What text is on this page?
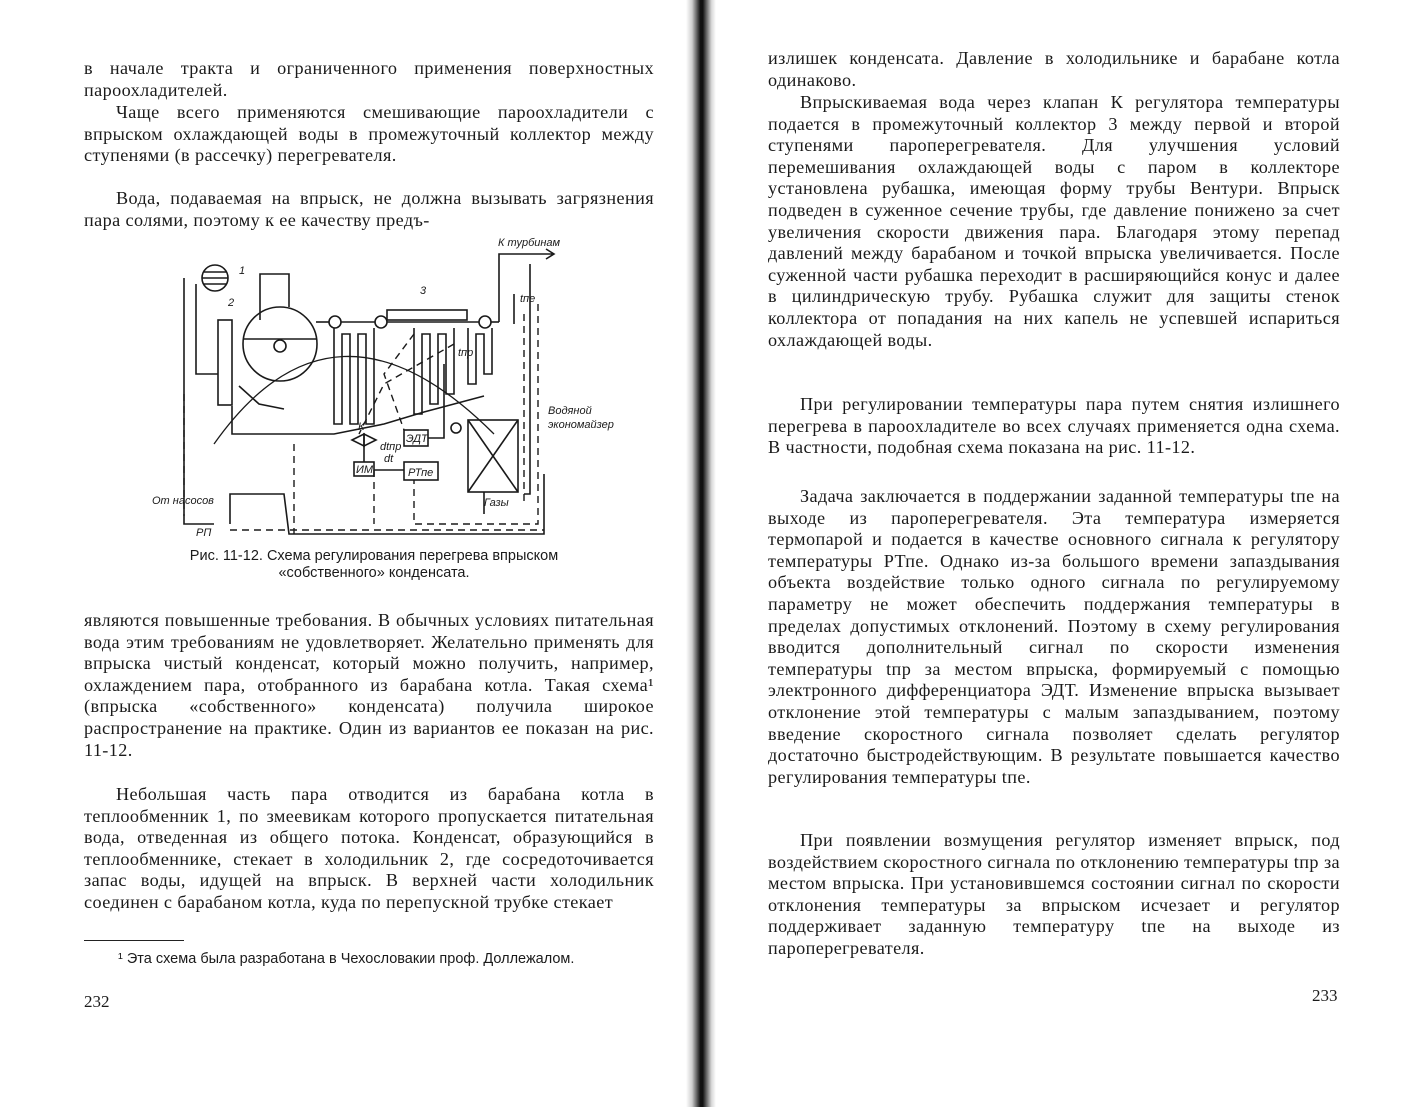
в начале тракта и ограниченного применения поверхностных пароохладителей.

Чаще всего применяются смешивающие пароохладители с впрыском охлаждающей воды в промежуточный коллектор между ступенями (в рассечку) перегревателя.

Вода, подаваемая на впрыск, не должна вызывать загрязнения пара солями, поэтому к ее качеству предъ-

К турбинам
1
2
3
tпе
tпр
Водяной
экономайзер
К
ЭДТ
ИМ	РТпе
dtпр
dt
От насосов
РП
Газы
Рис. 11-12. Схема регулирования перегрева впрыском
«собственного» конденсата.

являются повышенные требования. В обычных условиях питательная вода этим требованиям не удовлетворяет. Желательно применять для впрыска чистый конденсат, который можно получить, например, охлаждением пара, отобранного из барабана котла. Такая схема¹ (впрыска «собственного» конденсата) получила широкое распространение на практике. Один из вариантов ее показан на рис. 11-12.

Небольшая часть пара отводится из барабана котла в теплообменник 1, по змеевикам которого пропускается питательная вода, отведенная из общего потока. Конденсат, образующийся в теплообменнике, стекает в холодильник 2, где сосредоточивается запас воды, идущей на впрыск. В верхней части холодильник соединен с барабаном котла, куда по перепускной трубке стекает

¹ Эта схема была разработана в Чехословакии проф. Доллежалом.
232

излишек конденсата. Давление в холодильнике и барабане котла одинаково.

Впрыскиваемая вода через клапан К регулятора температуры подается в промежуточный коллектор 3 между первой и второй ступенями пароперегревателя. Для улучшения условий перемешивания охлаждающей воды с паром в коллекторе установлена рубашка, имеющая форму трубы Вентури. Впрыск подведен в суженное сечение трубы, где давление понижено за счет увеличения скорости движения пара. Благодаря этому перепад давлений между барабаном и точкой впрыска увеличивается. После суженной части рубашка переходит в расширяющийся конус и далее в цилиндрическую трубу. Рубашка служит для защиты стенок коллектора от попадания на них капель не успевшей испариться охлаждающей воды.

При регулировании температуры пара путем снятия излишнего перегрева в пароохладителе во всех случаях применяется одна схема. В частности, подобная схема показана на рис. 11-12.

Задача заключается в поддержании заданной температуры tпе на выходе из пароперегревателя. Эта температура измеряется термопарой и подается в качестве основного сигнала к регулятору температуры РТпе. Однако из-за большого времени запаздывания объекта воздействие только одного сигнала по регулируемому параметру не может обеспечить поддержания температуры в пределах допустимых отклонений. Поэтому в схему регулирования вводится дополнительный сигнал по скорости изменения температуры tпр за местом впрыска, формируемый с помощью электронного дифференциатора ЭДТ. Изменение впрыска вызывает отклонение этой температуры с малым запаздыванием, поэтому введение скоростного сигнала позволяет сделать регулятор достаточно быстродействующим. В результате повышается качество регулирования температуры tпе.

При появлении возмущения регулятор изменяет впрыск, под воздействием скоростного сигнала по отклонению температуры tпр за местом впрыска. При установившемся состоянии сигнал по скорости отклонения температуры за впрыском исчезает и регулятор поддерживает заданную температуру tпе на выходе из пароперегревателя.

233
